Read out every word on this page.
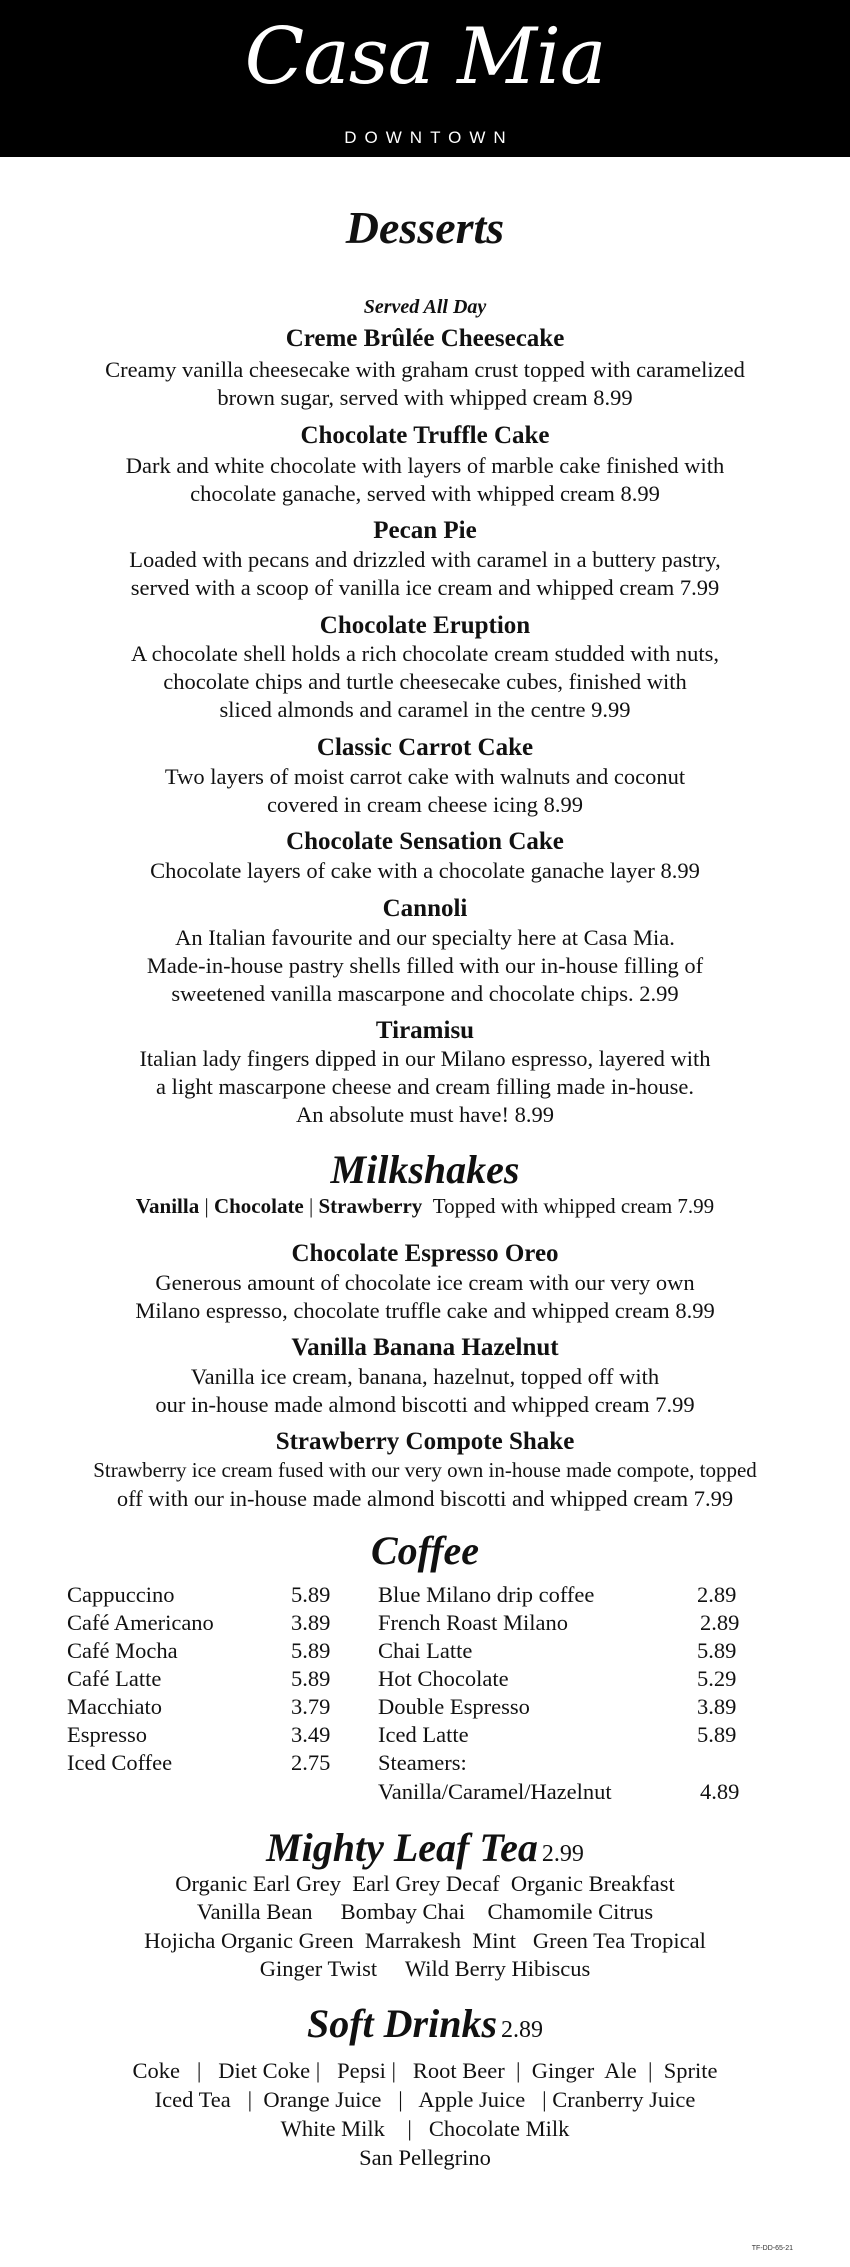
Casa Mia
DOWNTOWN
Desserts
Served All Day
Creme Brûlée Cheesecake
Creamy vanilla cheesecake with graham crust topped with caramelized
brown sugar, served with whipped cream 8.99
Chocolate Truffle Cake
Dark and white chocolate with layers of marble cake finished with
chocolate ganache, served with whipped cream 8.99
Pecan Pie
Loaded with pecans and drizzled with caramel in a buttery pastry,
served with a scoop of vanilla ice cream and whipped cream 7.99
Chocolate Eruption
A chocolate shell holds a rich chocolate cream studded with nuts,
chocolate chips and turtle cheesecake cubes, finished with
sliced almonds and caramel in the centre 9.99
Classic Carrot Cake
Two layers of moist carrot cake with walnuts and coconut
covered in cream cheese icing 8.99
Chocolate Sensation Cake
Chocolate layers of cake with a chocolate ganache layer 8.99
Cannoli
An Italian favourite and our specialty here at Casa Mia.
Made-in-house pastry shells filled with our in-house filling of
sweetened vanilla mascarpone and chocolate chips. 2.99
Tiramisu
Italian lady fingers dipped in our Milano espresso, layered with
a light mascarpone cheese and cream filling made in-house.
An absolute must have! 8.99
Milkshakes
Vanilla | Chocolate | Strawberry Topped with whipped cream 7.99
Chocolate Espresso Oreo
Generous amount of chocolate ice cream with our very own
Milano espresso, chocolate truffle cake and whipped cream 8.99
Vanilla Banana Hazelnut
Vanilla ice cream, banana, hazelnut, topped off with
our in-house made almond biscotti and whipped cream 7.99
Strawberry Compote Shake
Strawberry ice cream fused with our very own in-house made compote, topped
off with our in-house made almond biscotti and whipped cream 7.99
Coffee
Cappuccino	5.89
Café Americano	3.89
Café Mocha	5.89
Café Latte	5.89
Macchiato	3.79
Espresso	3.49
Iced Coffee	2.75
Blue Milano drip coffee	2.89
French Roast Milano	2.89
Chai Latte	5.89
Hot Chocolate	5.29
Double Espresso	3.89
Iced Latte	5.89
Steamers:
Vanilla/Caramel/Hazelnut	4.89
Mighty Leaf Tea 2.99
Organic Earl Grey  Earl Grey Decaf  Organic Breakfast
Vanilla Bean     Bombay Chai    Chamomile Citrus
Hojicha Organic Green  Marrakesh  Mint   Green Tea Tropical
Ginger Twist     Wild Berry Hibiscus
Soft Drinks 2.89
Coke   |   Diet Coke |   Pepsi |   Root Beer  |  Ginger  Ale  |  Sprite
Iced Tea   |  Orange Juice   |   Apple Juice   | Cranberry Juice
White Milk    |   Chocolate Milk
San Pellegrino
TF-DD-65-21
